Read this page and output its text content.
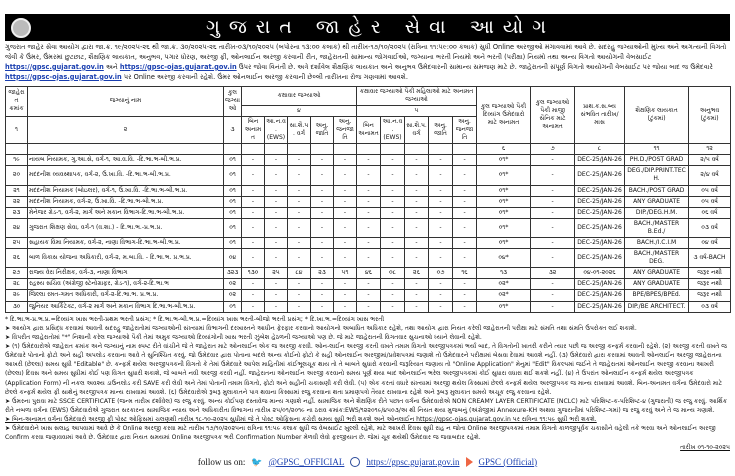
ગુજરાત જાહેર સેવા આયોગ
ગુજરાત જાહેર સેવા આયોગ દ્વારા જા.ક્ર. ૧૯/૨૦૨૫-૨૬ થી જા.ક્ર. ૩૦/૨૦૨૫-૨૬ તારીખ-૦૩/૧૦/૨૦૨૫ (બપોરના ૧૩:૦૦ કલાક) થી તારીખ-૧૭/૧૦/૨૦૨૫ (રાત્રિના ૧૧:૫૯:૦૦ કલાક) સુધી Online અરજીઓ મંગાવવામાં આવે છે. સદરહુ જગ્યાઓની મુખ્ય અને અગત્યની વિગતો જેવી કે ઉંમર, ઉંમરમાં છુટછાટ, શૈક્ષણિક લાયકાત, અનુભવ, પગાર ધોરણ, અરજી ફી, ઓનલાઈન અરજી કરવાની રીત, જાહેરાતની સામાન્ય જોગવાઈઓ, જગ્યાના ભરતી નિયમો અને ભરતી (પરીક્ષા) નિયમો તથા અન્ય વિગતો આયોગની વેબસાઈટ https://gpsc.gujarat.gov.in અને https://gpsc-ojas.gujarat.gov.in ઉપર જોવા વિનંતી છે. અત્રે દર્શાવેલ શૈક્ષણિક લાયકાત અને અનુભવ ઉમેદવારની સામાન્ય સમજણ માટે છે. જાહેરાતની સંપૂર્ણ વિગતો આયોગની વેબસાઈટ પર જોયા બાદ જ ઉમેદવારે https://gpsc-ojas.gujarat.gov.in પર Online અરજી કરવાની રહેશે. ઉંમર ઓનલાઈન અરજી કરવાની છેલ્લી તારીખના રોજ ગણવામાં આવશે.
જાહેરાત ક્રમાંક	જગ્યાનું નામ	કુલ જગ્યાઓ	કક્ષાવાર જગ્યાઓ					કક્ષાવાર જગ્યાઓ પૈકી મહિલાઓ માટે અનામત જગ્યાઓ					કુલ જગ્યાઓ પૈકી દિવ્યાંગ ઉમેદવારો માટે અનામત	કુલ જગ્યાઓ પૈકી માજી સૈનિક માટે અનામત	પ્રાથ.ક.સ.બ્ય સંભવિત તારીખ/માસ	શૈક્ષણિક લાયકાત (ટુંકમાં)	અનુભવ (ટુંકમાં)
			૪					૫									
૧	૨	૩	બિન અનામત	આ.ન.વ. (EWS)	સા.શૈ.પ. વર્ગ	અનુ. જાતિ	અનુ. જનજાતિ	બિન અનામત	આ.ન.વ. (EWS)	સા.શૈ.પ. વર્ગ	અનુ. જાતિ	અનુ. જનજાતિ					
													૬	૭	૮	૧૧	૧૨
૧૯	નાયબ નિયામક, ગુ.આ.સે, વર્ગ-૧, આ.વ.વિ. -દિ.ભા.ભ-બી.ભ.પ્ર.	૦૧	-	-	-	-	-	-	-	-	-	-	૦૧*	-	DEC-25/JAN-26	PH.D./POST GRAD	૨/૫ વર્ષ
૨૦	મદદનીશ વ્યવસ્થાપક, વર્ગ-૨, ઉ.ખા.વિ. -દિ.ભા.ભ-બી.ભ.પ્ર.	૦૧	-	-	-	-	-	-	-	-	-	-	૦૧*	-	DEC-25/JAN-26	DEG./DIP.PRINT.TECH.	૨/૪ વર્ષ
૨૧	મદદનીશ નિયામક (બોઇલર), વર્ગ-૧, ઉ.ખા.વિ. -દિ.ભા.ભ-બી.ભ.પ્ર.	૦૧	-	-	-	-	-	-	-	-	-	-	૦૧*	-	DEC-25/JAN-26	BACH./POST GRAD	૦૫ વર્ષ
૨૨	મદદનીશ નિયામક, વર્ગ-૨, ઉ.ખા.વિ. -દિ.ભા.ભ-બી.ભ.પ્ર.	૦૧	-	-	-	-	-	-	-	-	-	-	૦૧*	-	DEC-25/JAN-26	ANY GRADUATE	૦૫ વર્ષ
૨૩	મેનેજર ગ્રેડ-૧, વર્ગ-૨, માર્ગ અને મકાન વિભાગ-દિ.ભા.ભ-બી.ભ.પ્ર.	૦૧	-	-	-	-	-	-	-	-	-	-	૦૧*	-	DEC-25/JAN-26	DIP./DEG.H.M.	૦૬ વર્ષ
૨૪	ગુજરાત શિક્ષણ સેવા, વર્ગ-૧ (વ.શા.) - દિ.ભા.ભ.-પ્ર.ભ.પ્ર.	૦૧	-	-	-	-	-	-	-	-	-	-	૦૧*	-	DEC-25/JAN-26	BACH./MASTER B.Ed./	૦૩ વર્ષ
૨૫	સહાયક વિમા નિયામક, વર્ગ-૨, નાણા વિભાગ-દિ.ભા.ભ-બી.ભ.પ્ર.	૦૧	-	-	-	-	-	-	-	-	-	-	૦૧*	-	DEC-25/JAN-26	BACH./I.C.I.M	૦૪ વર્ષ
૨૬	બાળ વિકાસ યોજના અધિકારી, વર્ગ-૨, મ.બા.વિ. - દિ.ભા.ભ. પ્ર.ભ.પ્ર.	૦૪	-	-	-	-	-	-	-	-	-	-	૦૪*	-	DEC-25/JAN-26	BACH./MASTER DEG.	૩ વર્ષ-BACH
૨૭	રાજ્ય વેરા નિરીક્ષક, વર્ગ-૩, નાણા વિભાગ	૩૨૩	૧૩૦	૨૫	૮૪	૨૩	૫૧	૪૬	૦૮	૨૬	૦૭	૧૬	૧૩	૩૨	૦૪-૦૧-૨૦૨૬	ANY GRADUATE	જરૂર નથી
૨૮	રહસ્ય સચિવ (અંગ્રેજી સ્ટેનોગ્રાફર, ગ્રેડ-૧), વર્ગ-૨-દિ.ભા.ભ	૦૨	-	-	-	-	-	-	-	-	-	-	૦૨*	-	DEC-25/JAN-26	ANY GRADUATE	જરૂર નથી
૨૯	જિલ્લા રમત-ગમત અધિકારી, વર્ગ-૨-દિ.ભા.ભ. પ્ર.ભ.પ્ર.	૦૨	-	-	-	-	-	-	-	-	-	-	૦૨*	-	DEC-25/JAN-26	BPE/BPES/BPEd.	જરૂર નથી
૩૦	જુનિયર આર્કિટેક્ટ, વર્ગ-૨ માર્ગ અને મકાન વિભાગ દિ.ભા.ભ-બી.ભ.પ્ર.	૦૧	-	-	-	-	-	-	-	-	-	-	૦૧*	-	DEC-25/JAN-26	DIP./BE ARCHITECT.	૦૩ વર્ષ

* દિ.ભા.ભ-પ્ર.ભ.પ્ર.=દિવ્યાંગ ખાસ ભરતી-પ્રથમ ભરતી પ્રસંગ; * દિ.ભા.ભ-બી.ભ.પ્ર.=દિવ્યાંગ ખાસ ભરતી-બીજો ભરતી પ્રસંગ; * દિ.ખા.ભ.=દિવ્યાંગ ખાસ ભરતી

➤ આયોગ દ્વારા પ્રસિદ્ધ કરવામાં આવતી સદરહુ જાહેરાતોમાં જગ્યાઓની સંખ્યામાં વિભાગની દરખાસ્તને આધીન ફેરફાર કરવાનો આયોગનો અબાધિત અધિકાર રહેશે, તથા આયોગ દ્વારા નિયત કરેલી જાહેરાતની પરીક્ષા માટે સંમતિ તથા સંમતિ ઉપરોક્ત લઈ શકાશે.

➤ વિપરીત જાહેરાતોમાં "*" નિશાની કરેલ જગ્યાઓ પૈકી તેમાં અમુક જગ્યાઓ દિવ્યાંગોની ખાસ ભરતી ઝુંબેશ હેઠળની જગ્યાઓ પણ છે. જે માટે જાહેરાતની વિગતવાર સુચનાઓ ધ્યાને લેવાની રહેશે.

➤ (૧) ઉમેદવારોએ જાહેરાત ક્રમાંક અને જગ્યાનું નામ સ્પષ્ટ રીતે વાંચીને જે તે જાહેરાત માટે ઓનલાઈન એક જ અરજી કરવી. ઓન-લાઈન અરજી કરતી વખતે તમામ વિગતો અરજીપત્રકમાં ભર્યા બાદ, તે વિગતોની ખાતરી કરીને ત્યાર પછી જ અરજી કન્ફર્મ કરવાની રહેશે. (૨) અરજી કરતી વખતે જ ઉમેદવારે પોતાનો ફોટો અને સહી અપલોડ કરવાના આવે તે સુનિશ્ચિત કરવું. જો ઉમેદવાર દ્વારા પોતાના બદલે અન્ય કોઈનો ફોટો કે સહી ઓનલાઈન અરજીમાં/પ્રવેશપત્રમાં જણાશે તો ઉમેદવારને પરીક્ષામાં બેસવા દેવામાં આવશે નહીં. (૩) ઉમેદવારો દ્વારા કરવામાં આવતી ઓનલાઈન અરજી જાહેરાતના આખરી (છેલ્લા) સમય સુધી "Editable" છે. કન્ફર્મ થયેલ અરજીપત્રકની વિગતો કે તેમાં ઉમેદવારે આપેલ માહિતીમાં કાંઈભૂલચૂક થાય તો તે બાબતે સુધારો કરવાની જરૂરિયાત જણાય તો "Online Application" મેનુમાં "Edit" વિકલ્પમાં જઈને તે જાહેરાતમાં ઓનલાઈન અરજી કરવાના આખરી (છેલ્લા) દિવસ અને સમય સુધીમાં કોઈ પણ વિગત સુધારી શકાશે, જે બાબતે નવી અરજી કરવી નહીં. જાહેરાતના ઓનલાઈન અરજી કરવાનો સમય પૂર્ણ થયા બાદ ઓનલાઈન ભરેલ અરજીપત્રકમાં કોઈ સુધારા વધારા થઈ શકશે નહીં. (૪) તે ઉપરાંત ઓનલાઈન કન્ફર્મ થયેલ અરજીપત્રક (Application Form) ની નકલ અવશ્ય ડાઉનલોડ કરી SAVE કરી લેવી અને તેમાં પોતાની તમામ વિગતો, ફોટો અને સહીની ચકાસણી કરી લેવી. (૫) એક કરતાં વધારે સંખ્યામાં અરજી થયેલ કિસ્સામાં છેલ્લે કન્ફર્મ થયેલ અરજીપત્રક જ માન્ય રાખવામાં આવશે. બિન-અનામત વર્ગના ઉમેદવારો માટે છેલ્લે કન્ફર્મ થયેલ ફી સાથેનું અરજીપત્રક માન્ય રાખવામાં આવશે. (૬) ઉમેદવારોએ રૂબરૂ મુલાકાતને પાત્ર થવાના કિસ્સામાં રજુ કરવાના થતા પ્રમાણપત્રો તૈયાર રાખવાના રહેશે અને રૂબરૂ મુલાકાત સમયે અચૂક રજુ કરવાના રહેશે.

➤ ઉંમરના પુરાવા માટે SSCE CERTIFICATE (જન્મ તારીખ દર્શાવેલ) જ રજુ કરવું. અન્ય કોઈપણ દસ્તાવેજ માન્ય ગણાશે નહીં. સામાજિક અને શૈક્ષણિક રીતે પછાત વર્ગના ઉમેદવારોએ NON CREAMY LAYER CERTIFICATE (NCLC) માટે પરિશિષ્ટ-ક-પરિશિષ્ટ-૪ (ગુજરાતી) જ રજુ કરવું. આર્થિક રીતે નબળા વર્ગના (EWS) ઉમેદવારોએ ગુજરાત સરકારના સામાજિક ન્યાય અને અધિકારીતા વિભાગના તારીખ ૨૫/૦૧/૨૦૧૯ ના ઠરાવ ક્રમાંક:EWS/૧૨૨૦૧૯/૪૫૦૩/અ થી નિયત થયા મુજબનું (અંગ્રેજીમાં Annexure-KH અથવા ગુજરાતીમાં પરિશિષ્ટ-ગમાં) જ રજુ કરવું અને તે જ માન્ય ગણાશે.

➤ બિન-અનામત વર્ગના ઉમેદવારો અરજી ફી પોસ્ટ ઓફિસમાં ચલણથી તારીખ ૧૮-૧૦-૨૦૨૫ સુધીમાં જે તે પોસ્ટ ઓફિસના કચેરી સમય સુધી ભરી શકશે અને ઓનલાઈન https://gpsc-ojas.gujarat.gov.in પર રાત્રિના ૧૧:૫૯ સુધી ભરી શકશે.

➤ ઉમેદવારોને ખાસ સલાહ આપવામાં આવે છે કે Online અરજી કરવા માટે તારીખ ૧૭/૧૦/૨૦૨૫ના રાત્રિના ૧૧:૫૯ કલાક સુધી જ વેબસાઈટ ખુલ્લી રહેશે, માટે આખરી દિવસ સુધી રાહ ન જોતા Online અરજીપત્રકમાં તમામ વિગતો કાળજીપૂર્વક ચકાસીને વહેલી તકે ભરવા અને ઓનલાઈન અરજી Confirm કરવા જણાવવામાં આવે છે. ઉમેદવાર દ્વારા નિયત સમયમાં Online અરજીપત્રક ભરી Confirmation Number મેળવી લેવો ફરજીયાત છે. જેમાં ચૂક થયેથી ઉમેદવાર જ જવાબદાર રહેશે.

તારીખ ૦૧-૧૦-૨૦૨૫

follow us on: 🐦 @GPSC_OFFICIAL https://gpsc.gujarat.gov.in GPSC (Official)
